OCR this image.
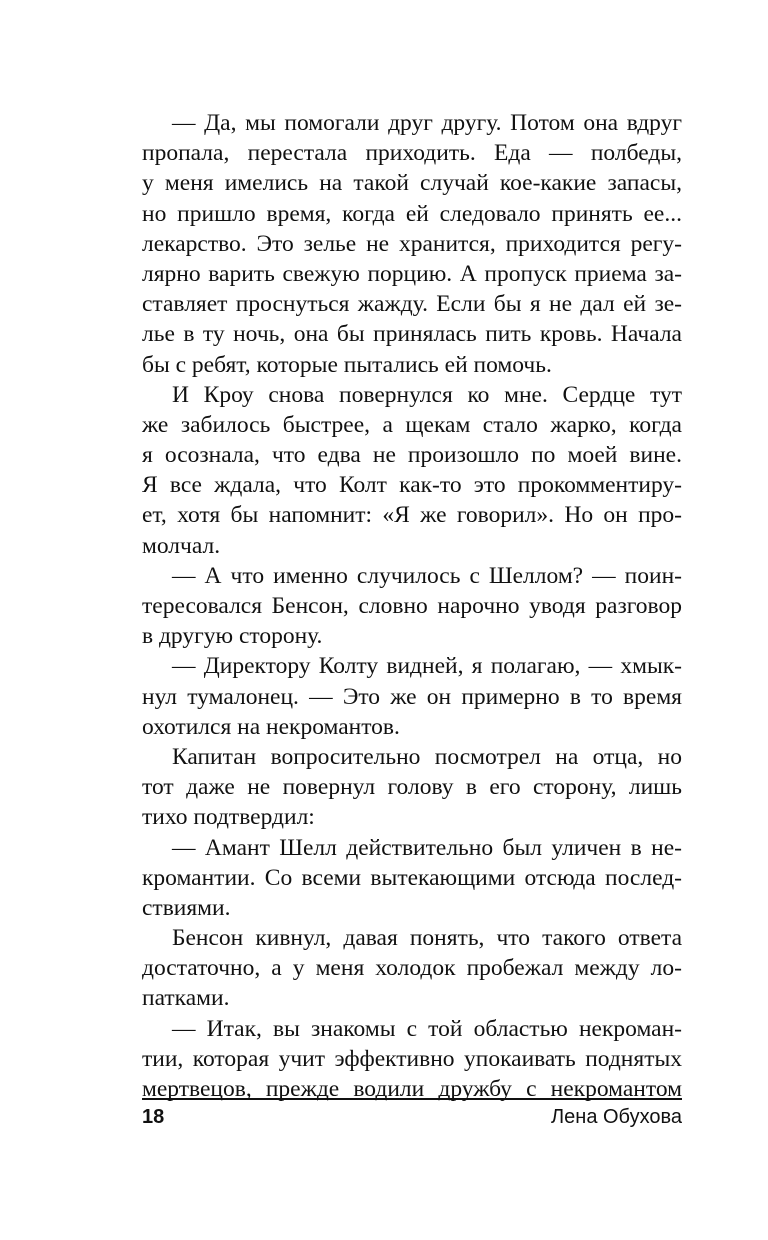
— Да, мы помогали друг другу. Потом она вдруг
пропала, перестала приходить. Еда — полбеды,
у меня имелись на такой случай кое-какие запасы,
но пришло время, когда ей следовало принять ее...
лекарство. Это зелье не хранится, приходится регу-
лярно варить свежую порцию. А пропуск приема за-
ставляет проснуться жажду. Если бы я не дал ей зе-
лье в ту ночь, она бы принялась пить кровь. Начала
бы с ребят, которые пытались ей помочь.
И Кроу снова повернулся ко мне. Сердце тут
же забилось быстрее, а щекам стало жарко, когда
я осознала, что едва не произошло по моей вине.
Я все ждала, что Колт как-то это прокомментиру-
ет, хотя бы напомнит: «Я же говорил». Но он про-
молчал.
— А что именно случилось с Шеллом? — поин-
тересовался Бенсон, словно нарочно уводя разговор
в другую сторону.
— Директору Колту видней, я полагаю, — хмык-
нул тумалонец. — Это же он примерно в то время
охотился на некромантов.
Капитан вопросительно посмотрел на отца, но
тот даже не повернул голову в его сторону, лишь
тихо подтвердил:
— Амант Шелл действительно был уличен в не-
кромантии. Со всеми вытекающими отсюда послед-
ствиями.
Бенсон кивнул, давая понять, что такого ответа
достаточно, а у меня холодок пробежал между ло-
патками.
— Итак, вы знакомы с той областью некроман-
тии, которая учит эффективно упокаивать поднятых
мертвецов, прежде водили дружбу с некромантом
18	Лена Обухова
